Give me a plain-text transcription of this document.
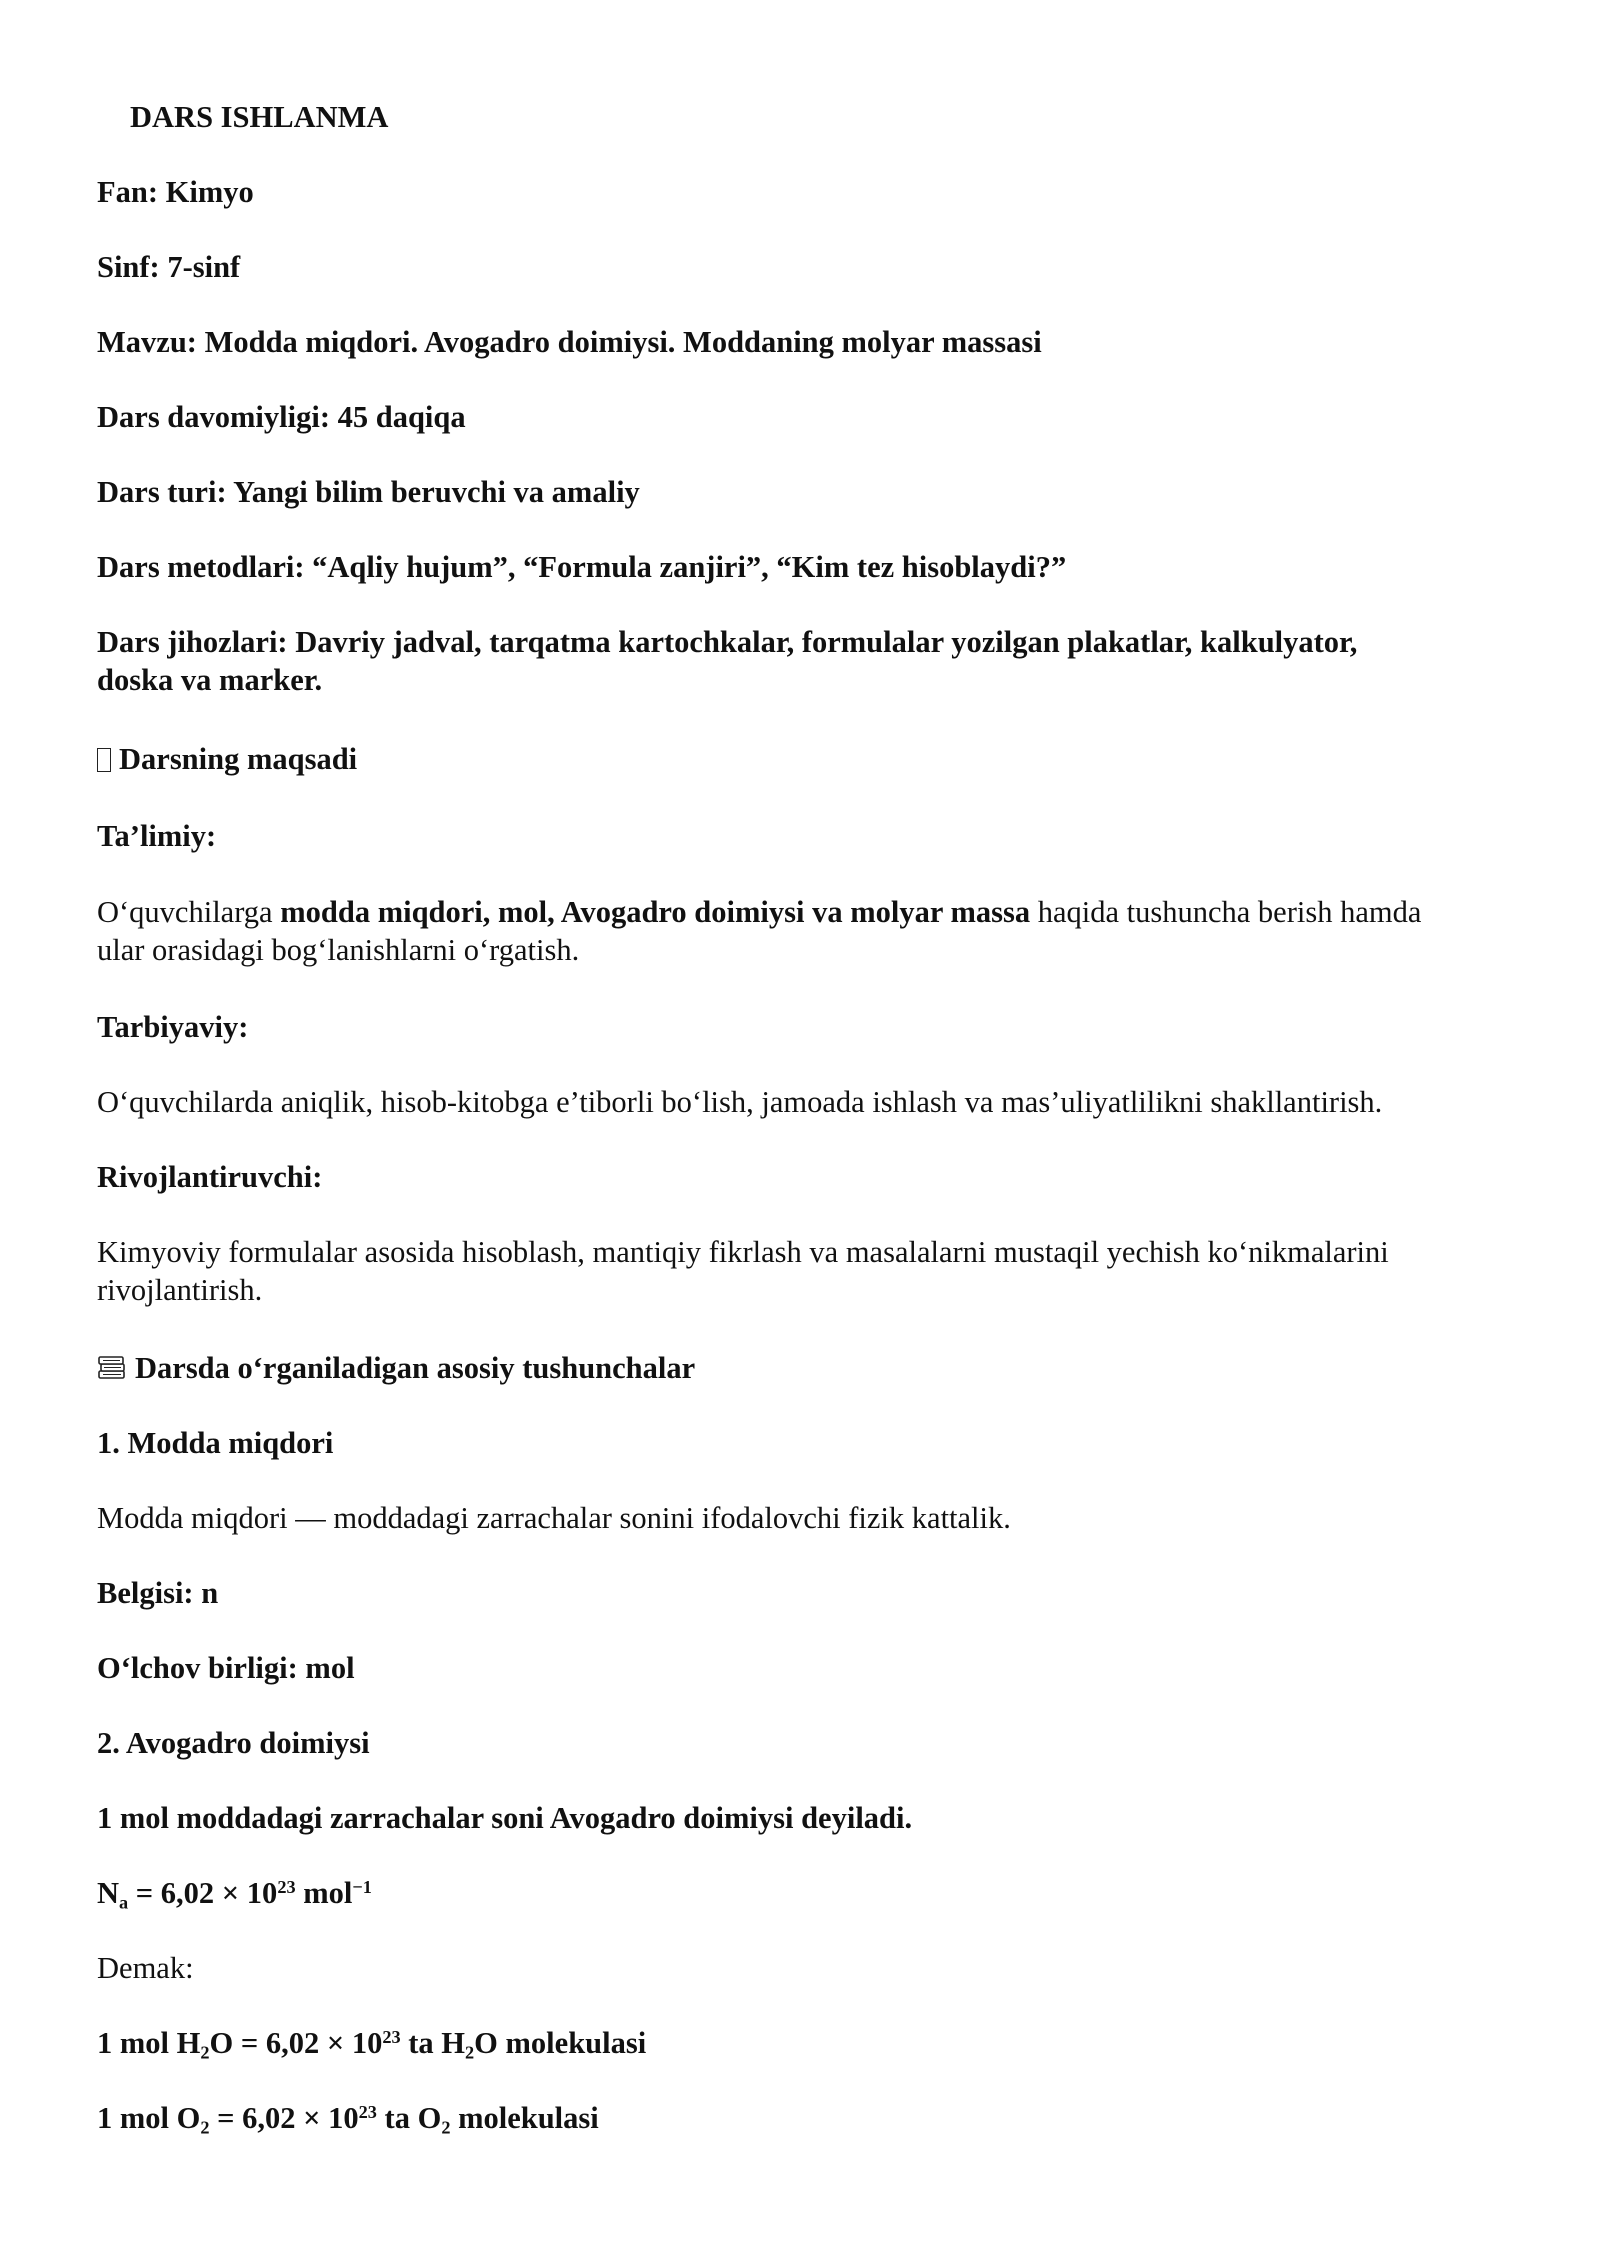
DARS ISHLANMA

Fan: Kimyo

Sinf: 7-sinf

Mavzu: Modda miqdori. Avogadro doimiysi. Moddaning molyar massasi

Dars davomiyligi: 45 daqiqa

Dars turi: Yangi bilim beruvchi va amaliy

Dars metodlari: “Aqliy hujum”, “Formula zanjiri”, “Kim tez hisoblaydi?”

Dars jihozlari: Davriy jadval, tarqatma kartochkalar, formulalar yozilgan plakatlar, kalkulyator,

doska va marker.

Darsning maqsadi

Ta’limiy:

O‘quvchilarga modda miqdori, mol, Avogadro doimiysi va molyar massa haqida tushuncha berish hamda

ular orasidagi bog‘lanishlarni o‘rgatish.

Tarbiyaviy:

O‘quvchilarda aniqlik, hisob-kitobga e’tiborli bo‘lish, jamoada ishlash va mas’uliyatlilikni shakllantirish.

Rivojlantiruvchi:

Kimyoviy formulalar asosida hisoblash, mantiqiy fikrlash va masalalarni mustaqil yechish ko‘nikmalarini

rivojlantirish.

Darsda o‘rganiladigan asosiy tushunchalar

1. Modda miqdori

Modda miqdori — moddadagi zarrachalar sonini ifodalovchi fizik kattalik.

Belgisi: n

O‘lchov birligi: mol

2. Avogadro doimiysi

1 mol moddadagi zarrachalar soni Avogadro doimiysi deyiladi.

$Na = 6,02 \times 10^{23}$ mol$^{-1}$

Demak:

1 mol $H2O = 6,02 \times 10^{23}$ ta H2O molekulasi

1 mol $O2 = 6,02 \times 10^{23}$ ta O2 molekulasi
